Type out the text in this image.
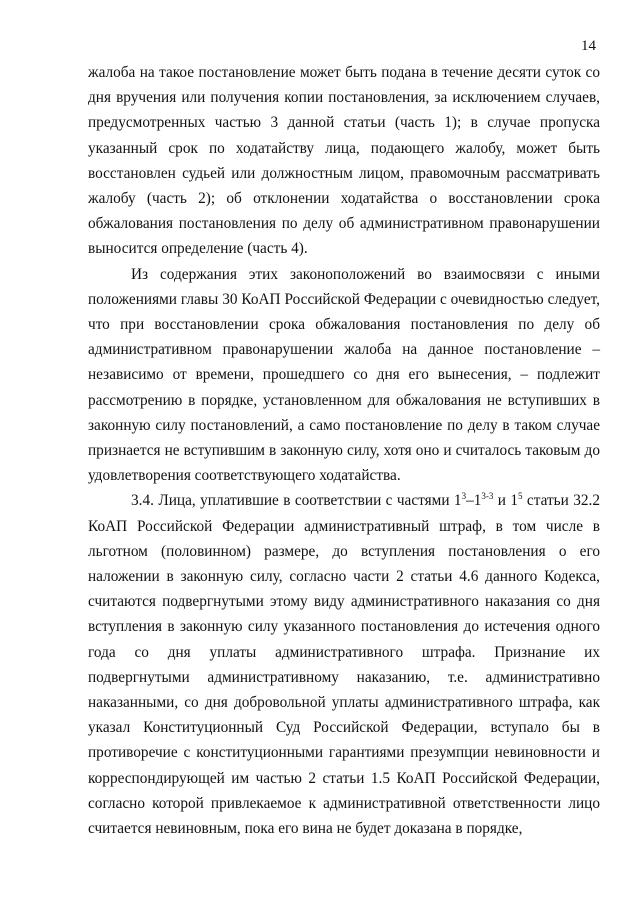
14

жалоба на такое постановление может быть подана в течение десяти суток со дня вручения или получения копии постановления, за исключением случаев, предусмотренных частью 3 данной статьи (часть 1); в случае пропуска указанный срок по ходатайству лица, подающего жалобу, может быть восстановлен судьей или должностным лицом, правомочным рассматривать жалобу (часть 2); об отклонении ходатайства о восстановлении срока обжалования постановления по делу об административном правонарушении выносится определение (часть 4).

Из содержания этих законоположений во взаимосвязи с иными положениями главы 30 КоАП Российской Федерации с очевидностью следует, что при восстановлении срока обжалования постановления по делу об административном правонарушении жалоба на данное постановление – независимо от времени, прошедшего со дня его вынесения, – подлежит рассмотрению в порядке, установленном для обжалования не вступивших в законную силу постановлений, а само постановление по делу в таком случае признается не вступившим в законную силу, хотя оно и считалось таковым до удовлетворения соответствующего ходатайства.

3.4. Лица, уплатившие в соответствии с частями $1^3-1^{3-3}$ и $1^5$ статьи 32.2 КоАП Российской Федерации административный штраф, в том числе в льготном (половинном) размере, до вступления постановления о его наложении в законную силу, согласно части 2 статьи 4.6 данного Кодекса, считаются подвергнутыми этому виду административного наказания со дня вступления в законную силу указанного постановления до истечения одного года со дня уплаты административного штрафа. Признание их подвергнутыми административному наказанию, т.е. административно наказанными, со дня добровольной уплаты административного штрафа, как указал Конституционный Суд Российской Федерации, вступало бы в противоречие с конституционными гарантиями презумпции невиновности и корреспондирующей им частью 2 статьи 1.5 КоАП Российской Федерации, согласно которой привлекаемое к административной ответственности лицо считается невиновным, пока его вина не будет доказана в порядке,
